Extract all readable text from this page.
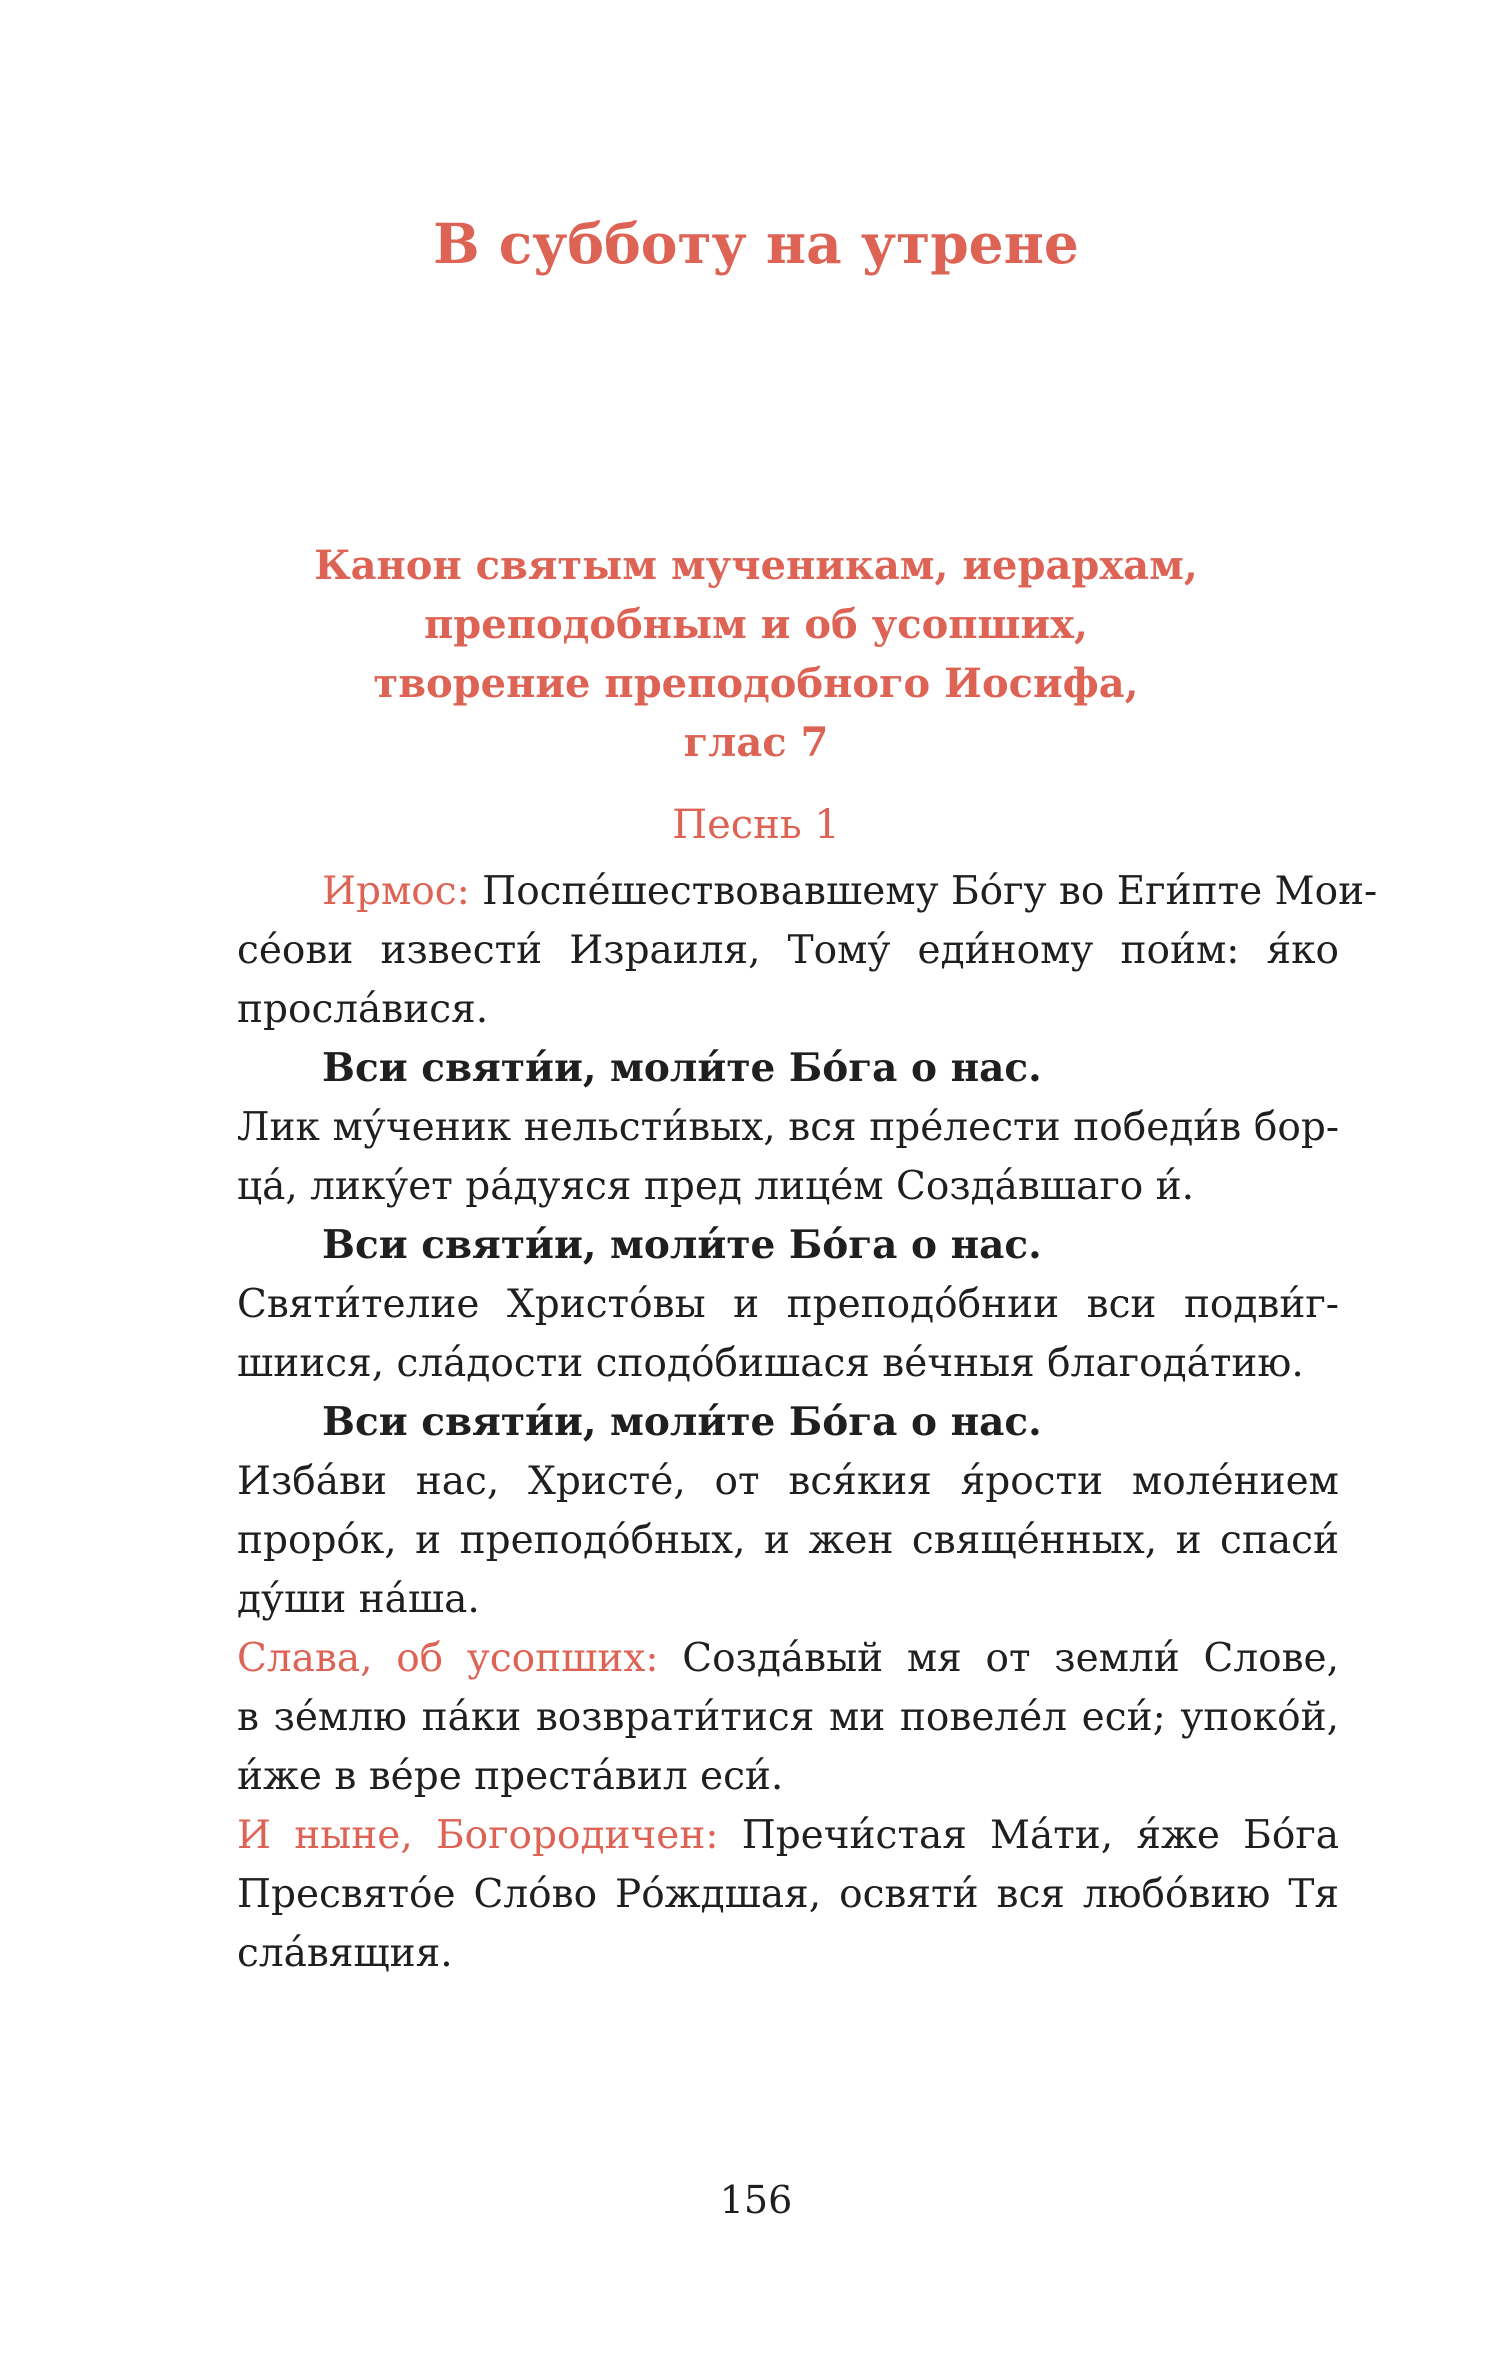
В субботу на утрене
Канон святым мученикам, иерархам,
преподобным и об усопших,
творение преподобного Иосифа,
глас 7
Песнь 1
Ирмос: Поспе́шествовавшему Бо́гу во Еги́пте Мои-
се́ови извести́ Израиля, Тому́ еди́ному пои́м: я́ко
просла́вися.
Вси святи́и, моли́те Бо́га о нас.
Лик му́ченик нельсти́вых, вся пре́лести победи́в бор-
ца́, лику́ет ра́дуяся пред лице́м Созда́вшаго и́.
Вси святи́и, моли́те Бо́га о нас.
Святи́телие Христо́вы и преподо́бнии вси подви́г-
шиися, сла́дости сподо́бишася ве́чныя благода́тию.
Вси святи́и, моли́те Бо́га о нас.
Изба́ви нас, Христе́, от вся́кия я́рости моле́нием
проро́к, и преподо́бных, и жен свяще́нных, и спаси́
ду́ши на́ша.
Слава, об усопших: Созда́вый мя от земли́ Слове,
в зе́млю па́ки возврати́тися ми повеле́л еси́; упоко́й,
и́же в ве́ре преста́вил еси́.
И ныне, Богородичен: Пречи́стая Ма́ти, я́же Бо́га
Пресвято́е Сло́во Ро́ждшая, освяти́ вся любо́вию Тя
сла́вящия.
156
